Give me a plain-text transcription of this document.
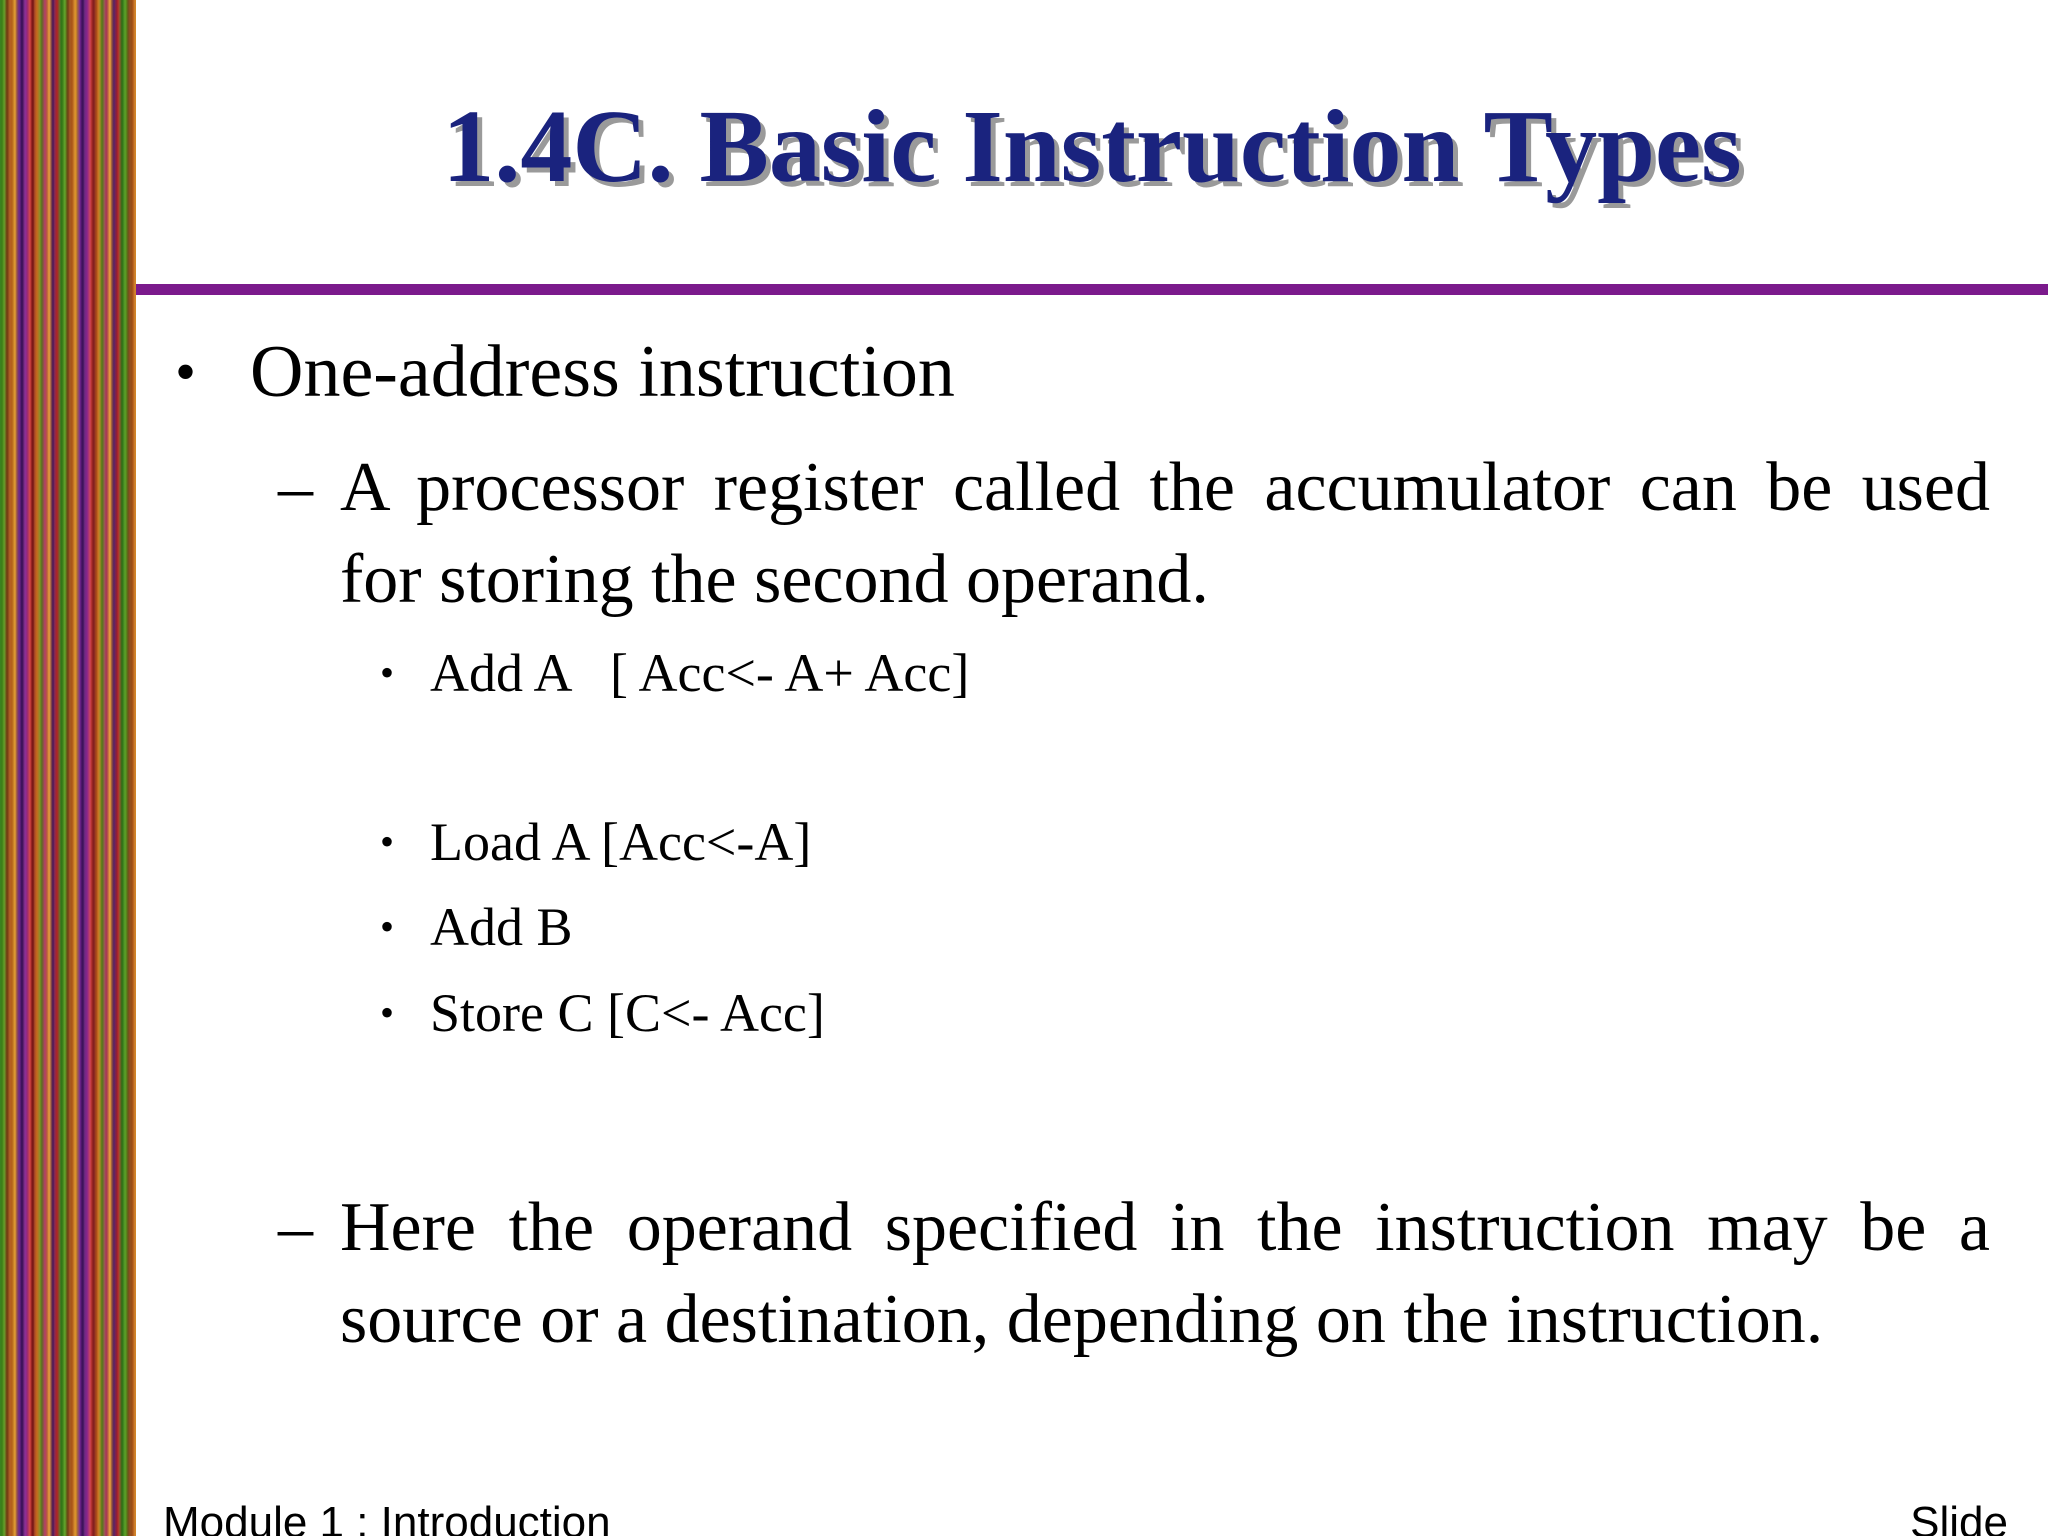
1.4C. Basic Instruction Types
• One-address instruction

– A processor register called the accumulator can be used for storing the second operand.

• Add A   [ Acc<- A+ Acc]

• Load A [Acc<-A]

• Add B

• Store C [C<- Acc]

– Here the operand specified in the instruction may be a source or a destination, depending on the instruction.

Module 1 : Introduction	Slide
